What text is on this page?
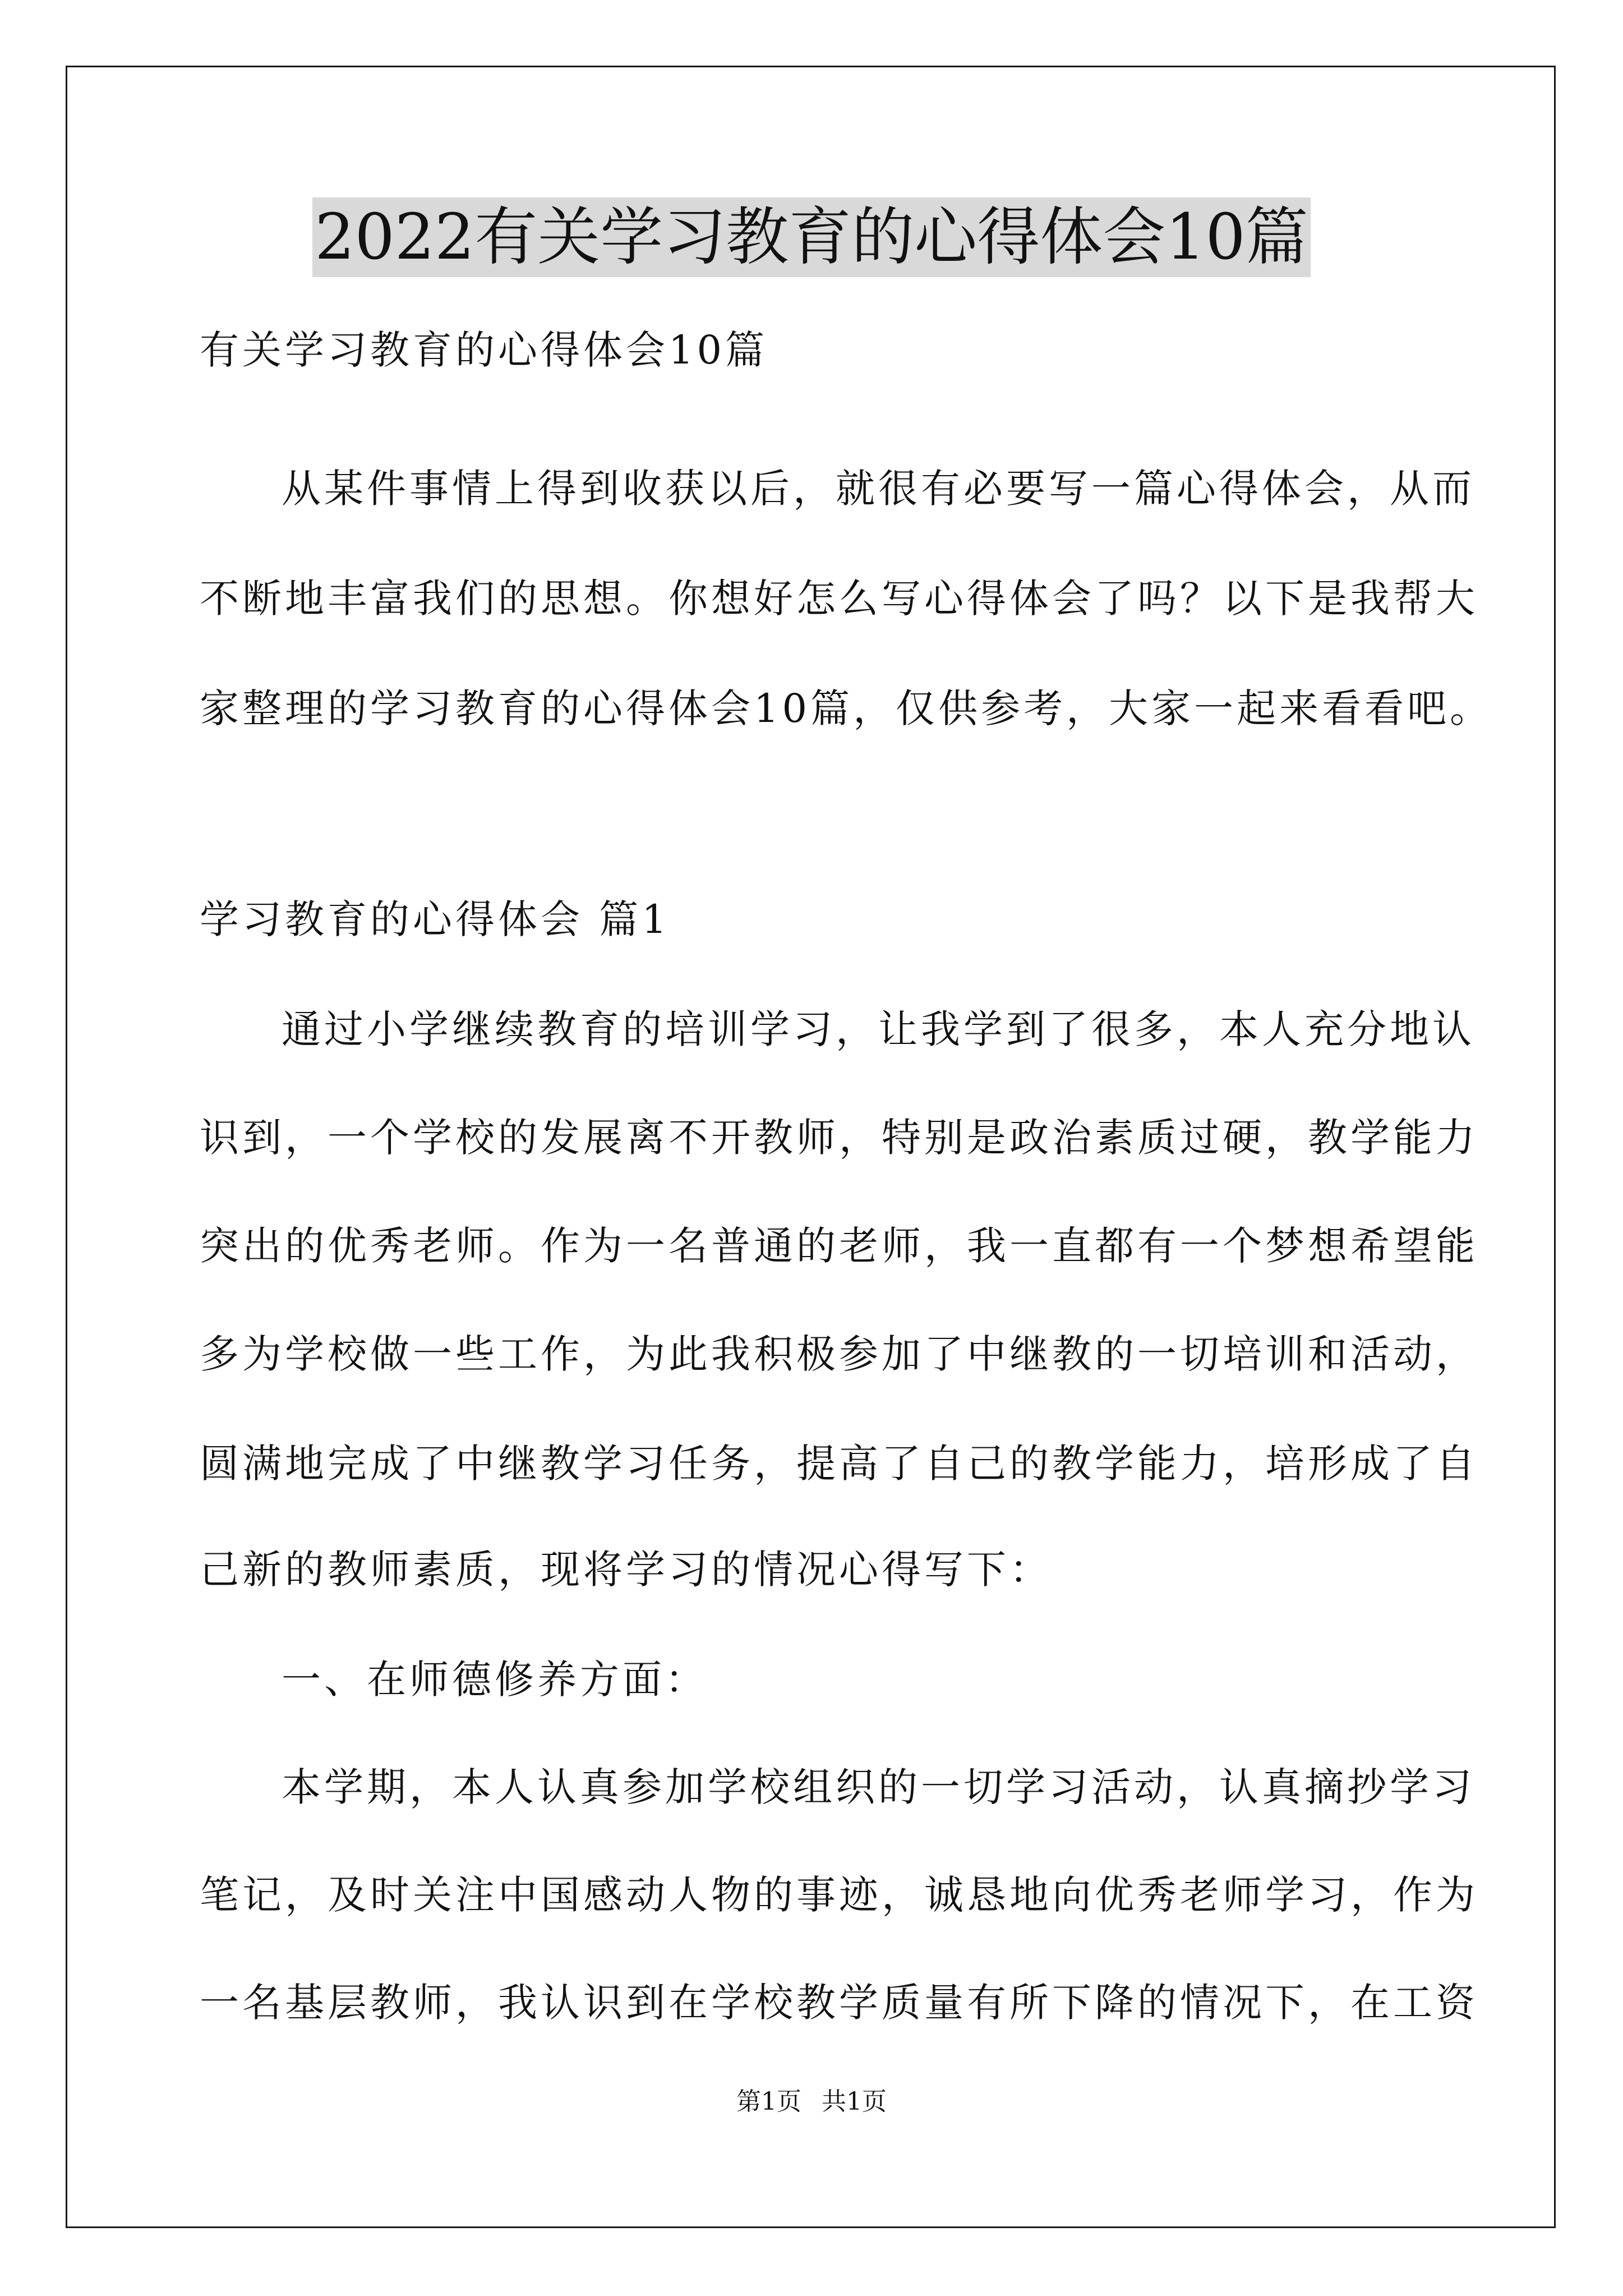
2022有关学习教育的心得体会10篇
有关学习教育的心得体会10篇
从某件事情上得到收获以后，就很有必要写一篇心得体会，从而
不断地丰富我们的思想。你想好怎么写心得体会了吗？以下是我帮大
家整理的学习教育的心得体会10篇，仅供参考，大家一起来看看吧。
学习教育的心得体会 篇1
通过小学继续教育的培训学习，让我学到了很多，本人充分地认
识到，一个学校的发展离不开教师，特别是政治素质过硬，教学能力
突出的优秀老师。作为一名普通的老师，我一直都有一个梦想希望能
多为学校做一些工作，为此我积极参加了中继教的一切培训和活动，
圆满地完成了中继教学习任务，提高了自己的教学能力，培形成了自
己新的教师素质，现将学习的情况心得写下：
一、在师德修养方面：
本学期，本人认真参加学校组织的一切学习活动，认真摘抄学习
笔记，及时关注中国感动人物的事迹，诚恳地向优秀老师学习，作为
一名基层教师，我认识到在学校教学质量有所下降的情况下，在工资
第1页 共1页
